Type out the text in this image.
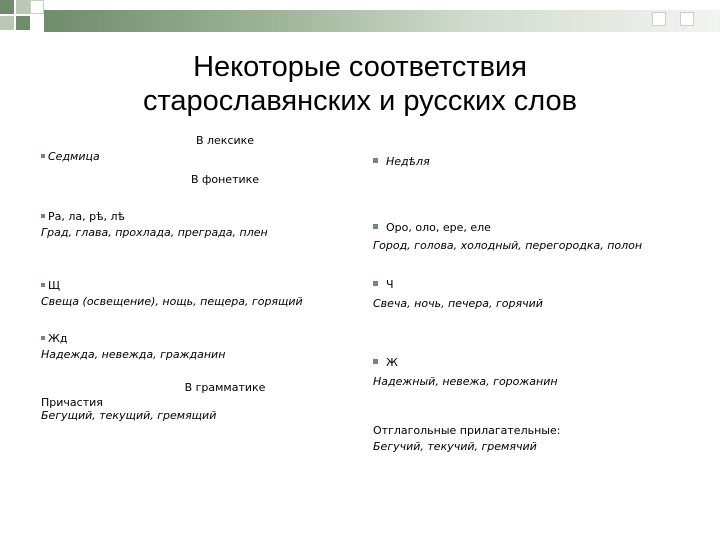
Некоторые соответствия
старославянских и русских слов
В лексике
Седмица
В фонетике
Ра, ла, рѣ, лѣ
Град, глава, прохлада, преграда, плен
Щ
Свеща (освещение), нощь, пещера, горящий
Жд
Надежда, невежда, гражданин
В грамматике
Причастия
Бегущий, текущий, гремящий
Недѣля
Оро, оло, ере, еле
Город, голова, холодный, перегородка, полон
Ч
Свеча, ночь, печера, горячий
Ж
Надежный, невежа, горожанин
Отглагольные прилагательные:
Бегучий, текучий, гремячий
